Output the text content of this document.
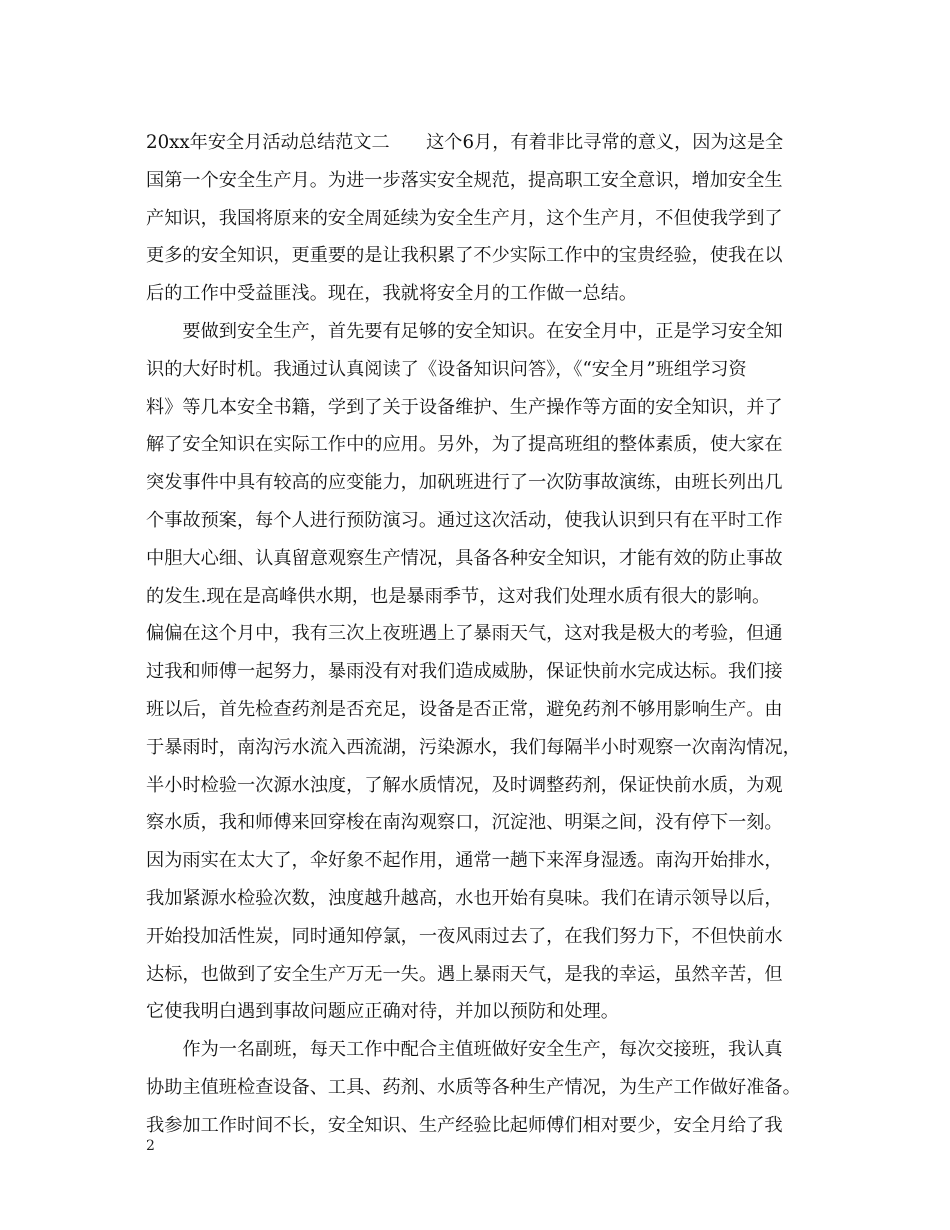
20xx年安全月活动总结范文二　　这个6月，有着非比寻常的意义，因为这是全
国第一个安全生产月。为进一步落实安全规范，提高职工安全意识，增加安全生
产知识，我国将原来的安全周延续为安全生产月，这个生产月，不但使我学到了
更多的安全知识，更重要的是让我积累了不少实际工作中的宝贵经验，使我在以
后的工作中受益匪浅。现在，我就将安全月的工作做一总结。
　　要做到安全生产，首先要有足够的安全知识。在安全月中，正是学习安全知
识的大好时机。我通过认真阅读了《设备知识问答》，《“安全月”班组学习资
料》等几本安全书籍，学到了关于设备维护、生产操作等方面的安全知识，并了
解了安全知识在实际工作中的应用。另外，为了提高班组的整体素质，使大家在
突发事件中具有较高的应变能力，加矾班进行了一次防事故演练，由班长列出几
个事故预案，每个人进行预防演习。通过这次活动，使我认识到只有在平时工作
中胆大心细、认真留意观察生产情况，具备各种安全知识，才能有效的防止事故
的发生.现在是高峰供水期，也是暴雨季节，这对我们处理水质有很大的影响。
偏偏在这个月中，我有三次上夜班遇上了暴雨天气，这对我是极大的考验，但通
过我和师傅一起努力，暴雨没有对我们造成威胁，保证快前水完成达标。我们接
班以后，首先检查药剂是否充足，设备是否正常，避免药剂不够用影响生产。由
于暴雨时，南沟污水流入西流湖，污染源水，我们每隔半小时观察一次南沟情况，
半小时检验一次源水浊度，了解水质情况，及时调整药剂，保证快前水质，为观
察水质，我和师傅来回穿梭在南沟观察口，沉淀池、明渠之间，没有停下一刻。
因为雨实在太大了，伞好象不起作用，通常一趟下来浑身湿透。南沟开始排水，
我加紧源水检验次数，浊度越升越高，水也开始有臭味。我们在请示领导以后，
开始投加活性炭，同时通知停氯，一夜风雨过去了，在我们努力下，不但快前水
达标，也做到了安全生产万无一失。遇上暴雨天气，是我的幸运，虽然辛苦，但
它使我明白遇到事故问题应正确对待，并加以预防和处理。
　　作为一名副班，每天工作中配合主值班做好安全生产，每次交接班，我认真
协助主值班检查设备、工具、药剂、水质等各种生产情况，为生产工作做好准备。
我参加工作时间不长，安全知识、生产经验比起师傅们相对要少，安全月给了我
2
